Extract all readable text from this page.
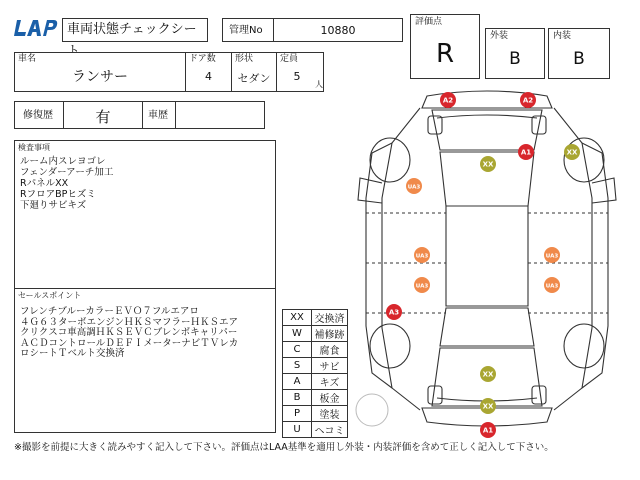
車両状態チェックシー	管理No	10880
評価点
R
外装
B
内装
B
車名
ランサー
ドア数
4
形状
セダン
定員
5
人
修復歴	有	車歴
検査事項
ルーム内スレヨゴレ
フェンダーアーチ加工
RパネルXX
RフロアBPヒズミ
下廻りサビキズ
セールスポイント
フレンチブルーカラーＥＶＯ７フルエアロ
４Ｇ６３ターボエンジンＨＫＳマフラーＨＫＳエア
クリクスコ車高調ＨＫＳＥＶＣブレンボキャリパー
ＡＣＤコントロールＤＥＦＩメーターナビＴＶレカ
ロシートＴベルト交換済
XX	交換済
W	補修跡
C	腐食
S	サビ
A	キズ
B	板金
P	塗装
U	ヘコミ
A2	A2
A1
XX
XX
UA3
UA3	UA3
UA3	UA3
A3
XX
XX
A1
※撮影を前提に大きく読みやすく記入して下さい。評価点はLAA基準を適用し外装・内装評価を含めて正しく記入して下さい。
